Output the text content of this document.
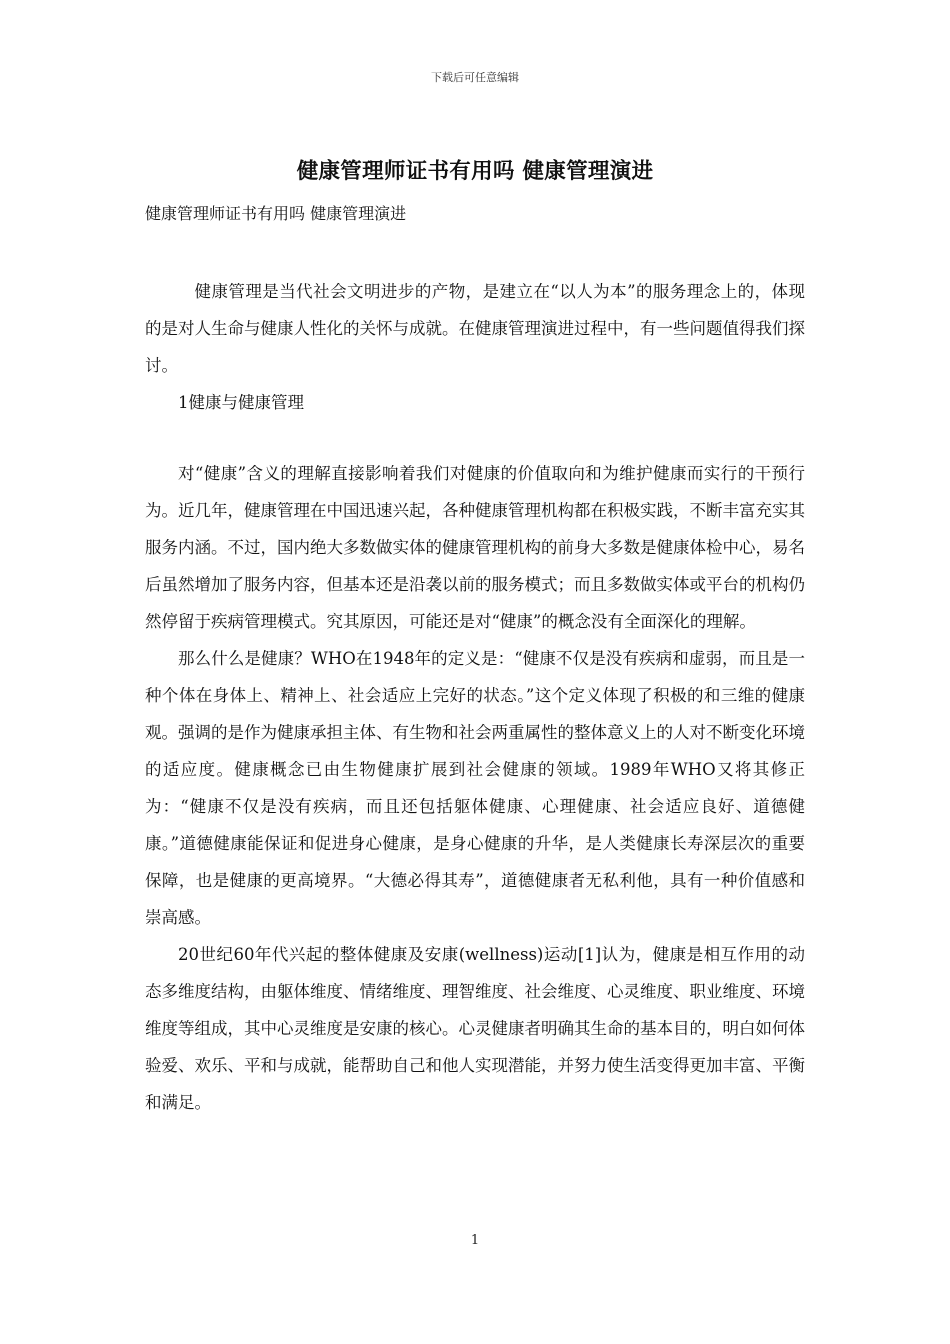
下载后可任意编辑
健康管理师证书有用吗 健康管理演进

健康管理师证书有用吗 健康管理演进

健康管理是当代社会文明进步的产物，是建立在“以人为本”的服务理念上的，体现的是对人生命与健康人性化的关怀与成就。在健康管理演进过程中，有一些问题值得我们探讨。

1健康与健康管理

对“健康”含义的理解直接影响着我们对健康的价值取向和为维护健康而实行的干预行为。近几年，健康管理在中国迅速兴起，各种健康管理机构都在积极实践，不断丰富充实其服务内涵。不过，国内绝大多数做实体的健康管理机构的前身大多数是健康体检中心，易名后虽然增加了服务内容，但基本还是沿袭以前的服务模式；而且多数做实体或平台的机构仍然停留于疾病管理模式。究其原因，可能还是对“健康”的概念没有全面深化的理解。

那么什么是健康？WHO在1948年的定义是：“健康不仅是没有疾病和虚弱，而且是一种个体在身体上、精神上、社会适应上完好的状态。”这个定义体现了积极的和三维的健康观。强调的是作为健康承担主体、有生物和社会两重属性的整体意义上的人对不断变化环境的适应度。健康概念已由生物健康扩展到社会健康的领域。1989年WHO又将其修正为：“健康不仅是没有疾病，而且还包括躯体健康、心理健康、社会适应良好、道德健康。”道德健康能保证和促进身心健康，是身心健康的升华，是人类健康长寿深层次的重要保障，也是健康的更高境界。“大德必得其寿”，道德健康者无私利他，具有一种价值感和崇高感。

20世纪60年代兴起的整体健康及安康(wellness)运动[1]认为，健康是相互作用的动态多维度结构，由躯体维度、情绪维度、理智维度、社会维度、心灵维度、职业维度、环境维度等组成，其中心灵维度是安康的核心。心灵健康者明确其生命的基本目的，明白如何体验爱、欢乐、平和与成就，能帮助自己和他人实现潜能，并努力使生活变得更加丰富、平衡和满足。

1
